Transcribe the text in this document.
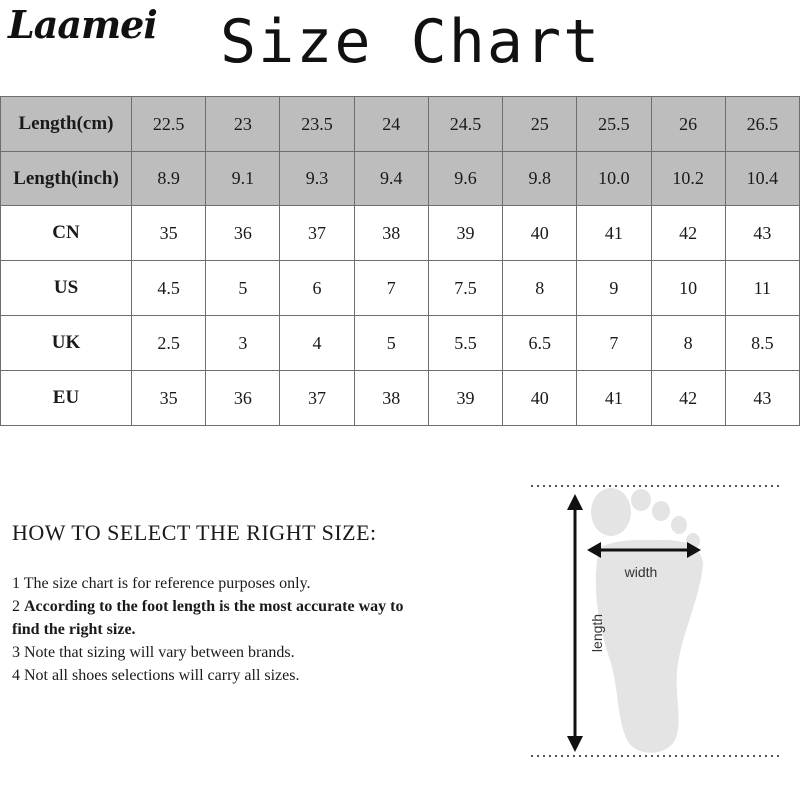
Laamei Size Chart
Length(cm)	22.5	23	23.5	24	24.5	25	25.5	26	26.5
Length(inch)	8.9	9.1	9.3	9.4	9.6	9.8	10.0	10.2	10.4
CN	35	36	37	38	39	40	41	42	43
US	4.5	5	6	7	7.5	8	9	10	11
UK	2.5	3	4	5	5.5	6.5	7	8	8.5
EU	35	36	37	38	39	40	41	42	43
HOW TO SELECT THE RIGHT SIZE:
1 The size chart is for reference purposes only.
2 According to the foot length is the most accurate way to find the right size.
3 Note that sizing will vary between brands.
4 Not all shoes selections will carry all sizes.
width
length
